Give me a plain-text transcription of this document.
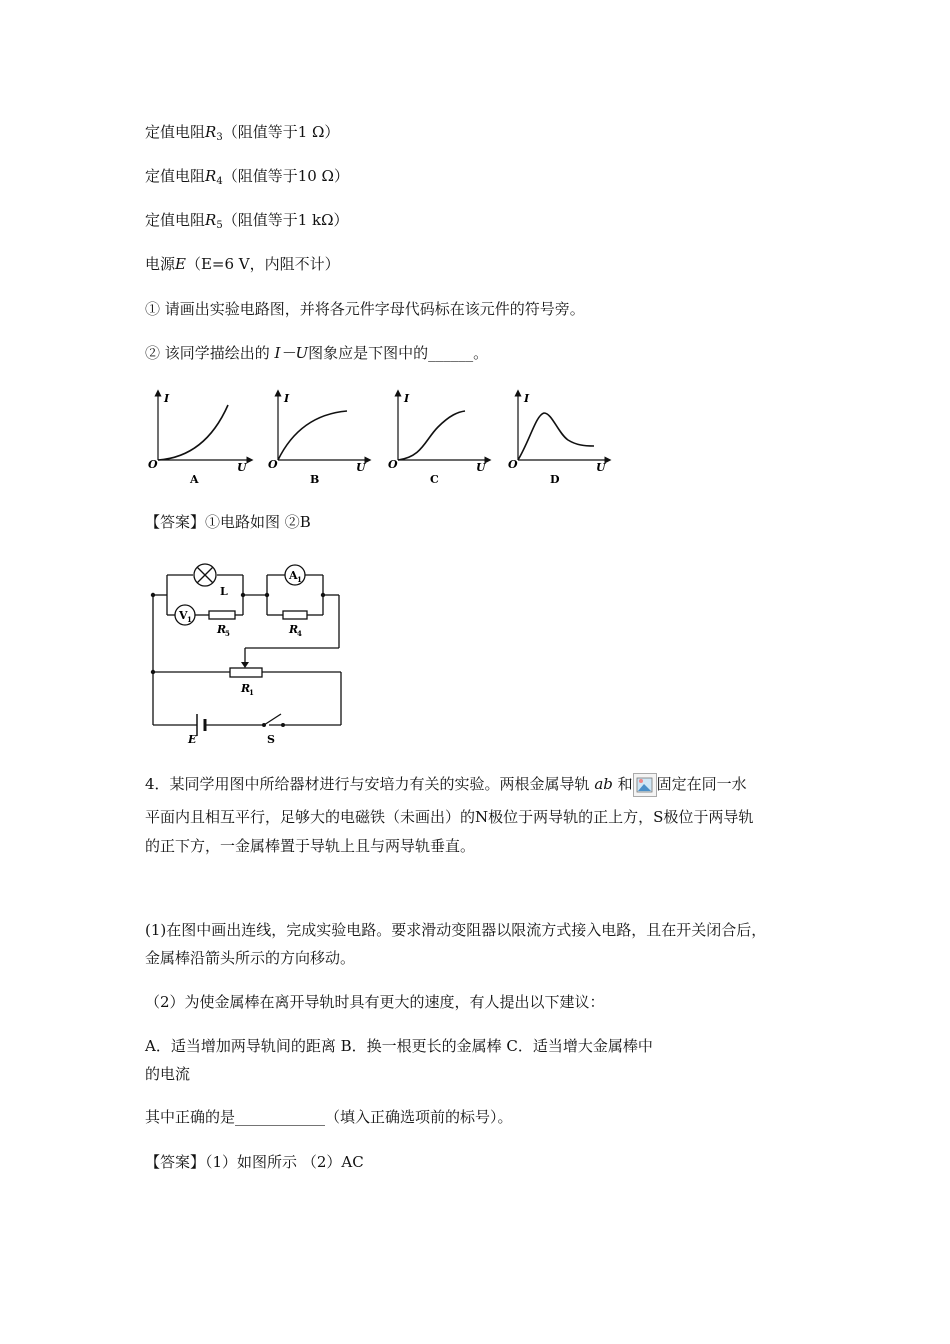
定值电阻$R_3$（阻值等于1 Ω）
定值电阻$R_4$（阻值等于10 Ω）
定值电阻$R_5$（阻值等于1 kΩ）
电源E（E=6 V，内阻不计）
① 请画出实验电路图，并将各元件字母代码标在该元件的符号旁。
② 该同学描绘出的 I－U图象应是下图中的______。
I
O	U
A
I
O	U
B
I
O	U
C
I
O	U
D
【答案】①电路如图 ②B
L
V 1
R
5
A 1
R
4
R
1
E	S
4．某同学用图中所给器材进行与安培力有关的实验。两根金属导轨 ab 和 固定在同一水
平面内且相互平行，足够大的电磁铁（未画出）的N极位于两导轨的正上方，S极位于两导轨
的正下方，一金属棒置于导轨上且与两导轨垂直。
(1)在图中画出连线，完成实验电路。要求滑动变阻器以限流方式接入电路，且在开关闭合后，
金属棒沿箭头所示的方向移动。
（2）为使金属棒在离开导轨时具有更大的速度，有人提出以下建议：
A．适当增加两导轨间的距离 B．换一根更长的金属棒 C．适当增大金属棒中
的电流
其中正确的是____________（填入正确选项前的标号）。
【答案】（1）如图所示 （2）AC
